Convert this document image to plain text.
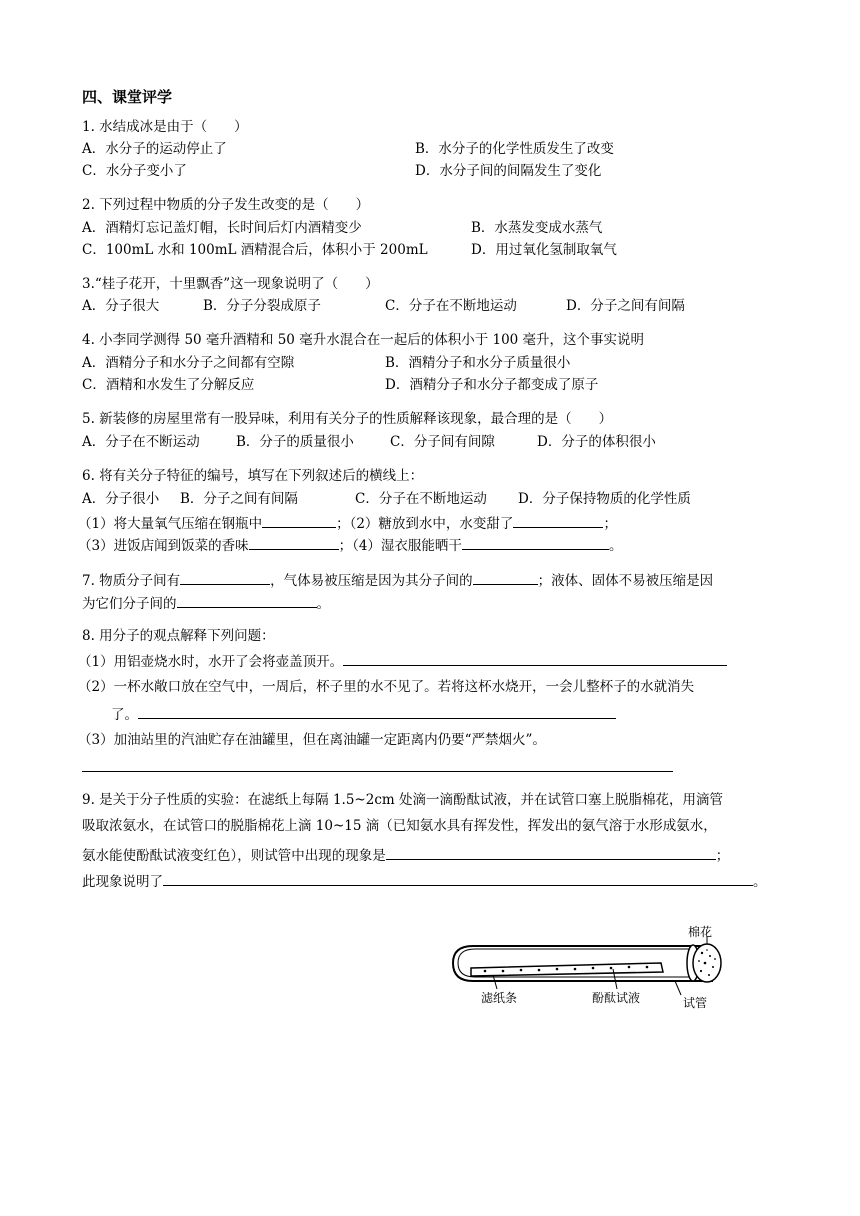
四、课堂评学
1. 水结成冰是由于（　　）
A．水分子的运动停止了	B．水分子的化学性质发生了改变
C．水分子变小了	D．水分子间的间隔发生了变化
2. 下列过程中物质的分子发生改变的是（　　）
A．酒精灯忘记盖灯帽，长时间后灯内酒精变少	B．水蒸发变成水蒸气
C．100mL 水和 100mL 酒精混合后，体积小于 200mL	D．用过氧化氢制取氧气
3.“桂子花开，十里飘香”这一现象说明了（　　）
A．分子很大	B．分子分裂成原子	C．分子在不断地运动	D．分子之间有间隔
4. 小李同学测得 50 毫升酒精和 50 毫升水混合在一起后的体积小于 100 毫升，这个事实说明
A．酒精分子和水分子之间都有空隙	B．酒精分子和水分子质量很小
C．酒精和水发生了分解反应	D．酒精分子和水分子都变成了原子
5. 新装修的房屋里常有一股异味，利用有关分子的性质解释该现象，最合理的是（　　）
A．分子在不断运动	B．分子的质量很小	C．分子间有间隙	D．分子的体积很小
6. 将有关分子特征的编号，填写在下列叙述后的横线上：
A．分子很小 B．分子之间有间隔	C．分子在不断地运动 D．分子保持物质的化学性质
（1）将大量氧气压缩在钢瓶中	；（2）糖放到水中，水变甜了	；
（3）进饭店闻到饭菜的香味	；（4）湿衣服能晒干	。
7. 物质分子间有	，气体易被压缩是因为其分子间的	；液体、固体不易被压缩是因
为它们分子间的	。
8. 用分子的观点解释下列问题：
（1）用铝壶烧水时，水开了会将壶盖顶开。
（2）一杯水敞口放在空气中，一周后，杯子里的水不见了。若将这杯水烧开，一会儿整杯子的水就消失
了。
（3）加油站里的汽油贮存在油罐里，但在离油罐一定距离内仍要“严禁烟火”。
9. 是关于分子性质的实验：在滤纸上每隔 1.5~2cm 处滴一滴酚酞试液，并在试管口塞上脱脂棉花，用滴管
吸取浓氨水，在试管口的脱脂棉花上滴 10~15 滴（已知氨水具有挥发性，挥发出的氨气溶于水形成氨水，
氨水能使酚酞试液变红色），则试管中出现的现象是	；
此现象说明了	。
棉花
滤纸条	酚酞试液	试管
